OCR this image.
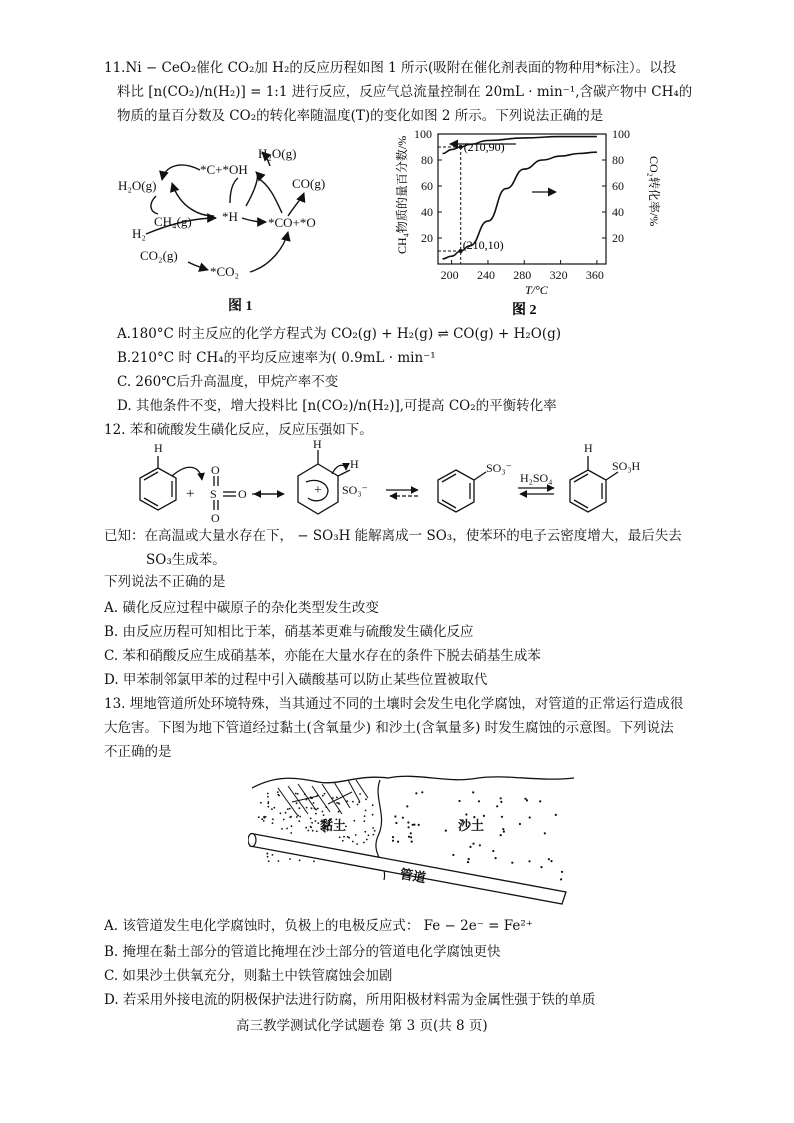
11.Ni − CeO₂催化 CO₂加 H₂的反应历程如图 1 所示(吸附在催化剂表面的物种用*标注）。以投
料比 [n(CO₂)/n(H₂)] = 1:1 进行反应，反应气总流量控制在 20mL · min⁻¹,含碳产物中 CH₄的
物质的量百分数及 CO₂的转化率随温度(T)的变化如图 2 所示。下列说法正确的是
H₂O(g)
*C+*OH
H₂O(g)	CO(g)
CH₄(g) *H *CO+*O
H₂
CO₂(g)
*CO₂
图 1
CH₄物质的量百分数/%	CO₂转化率/%
T/°C
图 2
200 240 280 320 360
20
40
60
80
100
20
40
60
80
100
(210,90)
(210,10)
A.180°C 时主反应的化学方程式为 CO₂(g) + H₂(g) ⇌ CO(g) + H₂O(g)
B.210°C 时 CH₄的平均反应速率为( 0.9mL · min⁻¹
C. 260℃后升高温度，甲烷产率不变
D. 其他条件不变，增大投料比 [n(CO₂)/n(H₂)],可提高 CO₂的平衡转化率
12. 苯和硫酸发生磺化反应，反应压强如下。
H
+ S
O
O
O
H
+
H
SO₃⁻
SO₃⁻
H₂SO₄
H
SO₃H
已知：在高温或大量水存在下， − SO₃H 能解离成一 SO₃，使苯环的电子云密度增大，最后失去
SO₃生成苯。
下列说法不正确的是
A. 磺化反应过程中碳原子的杂化类型发生改变
B. 由反应历程可知相比于苯，硝基苯更难与硫酸发生磺化反应
C. 苯和硝酸反应生成硝基苯，亦能在大量水存在的条件下脱去硝基生成苯
D. 甲苯制邻氯甲苯的过程中引入磺酸基可以防止某些位置被取代
13. 埋地管道所处环境特殊，当其通过不同的土壤时会发生电化学腐蚀，对管道的正常运行造成很
大危害。下图为地下管道经过黏土(含氧量少) 和沙土(含氧量多) 时发生腐蚀的示意图。下列说法
不正确的是
黏土	沙土
管道
A. 该管道发生电化学腐蚀时，负极上的电极反应式： Fe − 2e⁻ = Fe²⁺
B. 掩埋在黏土部分的管道比掩埋在沙土部分的管道电化学腐蚀更快
C. 如果沙土供氧充分，则黏土中铁管腐蚀会加剧
D. 若采用外接电流的阴极保护法进行防腐，所用阳极材料需为金属性强于铁的单质
高三教学测试化学试题卷 第 3 页(共 8 页)
